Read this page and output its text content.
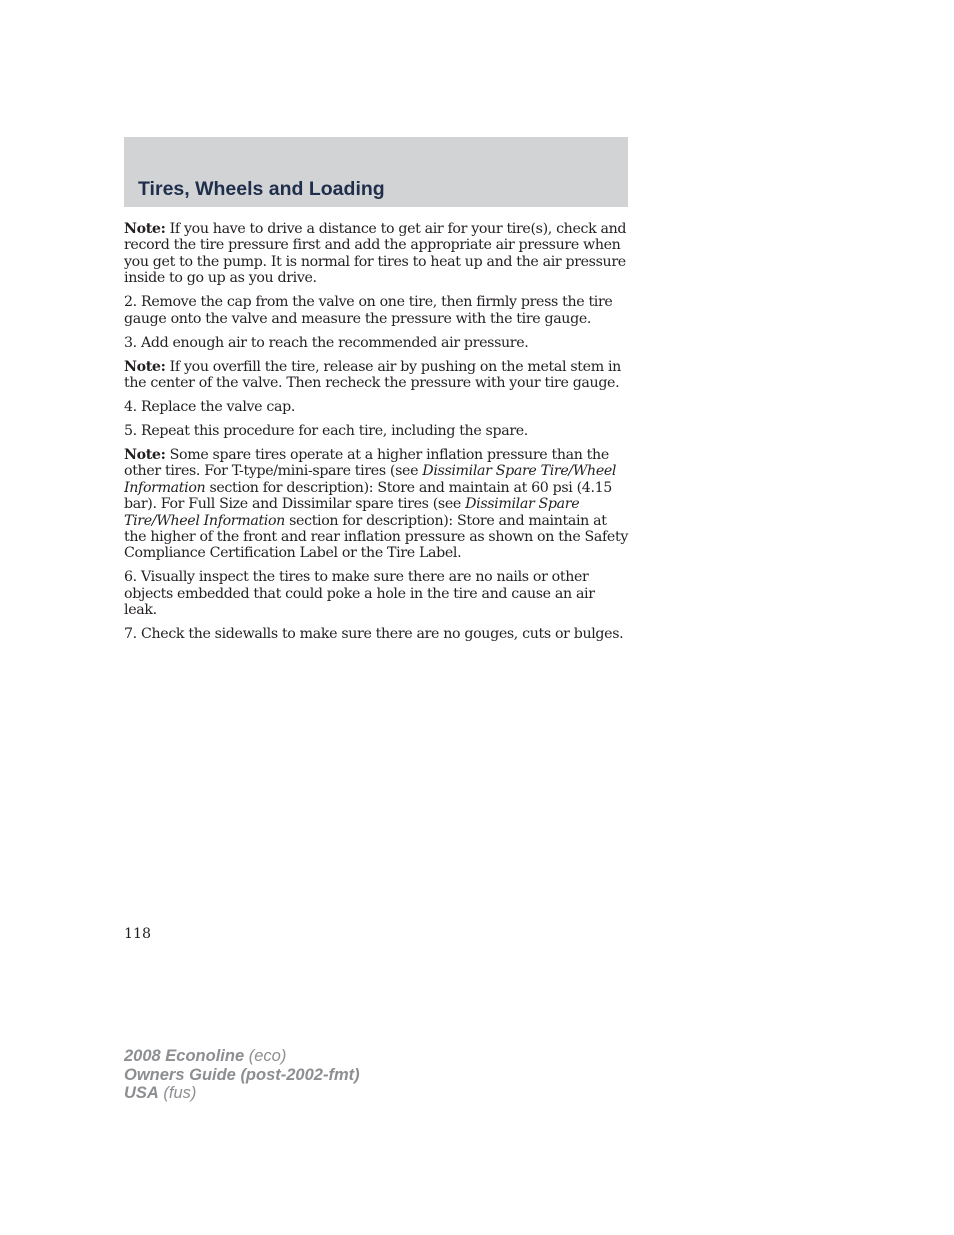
Tires, Wheels and Loading

Note: If you have to drive a distance to get air for your tire(s), check and record the tire pressure first and add the appropriate air pressure when you get to the pump. It is normal for tires to heat up and the air pressure inside to go up as you drive.

2. Remove the cap from the valve on one tire, then firmly press the tire gauge onto the valve and measure the pressure with the tire gauge.

3. Add enough air to reach the recommended air pressure.

Note: If you overfill the tire, release air by pushing on the metal stem in the center of the valve. Then recheck the pressure with your tire gauge.

4. Replace the valve cap.

5. Repeat this procedure for each tire, including the spare.

Note: Some spare tires operate at a higher inflation pressure than the other tires. For T-type/mini-spare tires (see Dissimilar Spare Tire/Wheel Information section for description): Store and maintain at 60 psi (4.15 bar). For Full Size and Dissimilar spare tires (see Dissimilar Spare Tire/Wheel Information section for description): Store and maintain at the higher of the front and rear inflation pressure as shown on the Safety Compliance Certification Label or the Tire Label.

6. Visually inspect the tires to make sure there are no nails or other objects embedded that could poke a hole in the tire and cause an air leak.

7. Check the sidewalls to make sure there are no gouges, cuts or bulges.

118
2008 Econoline (eco)
Owners Guide (post-2002-fmt)
USA (fus)
